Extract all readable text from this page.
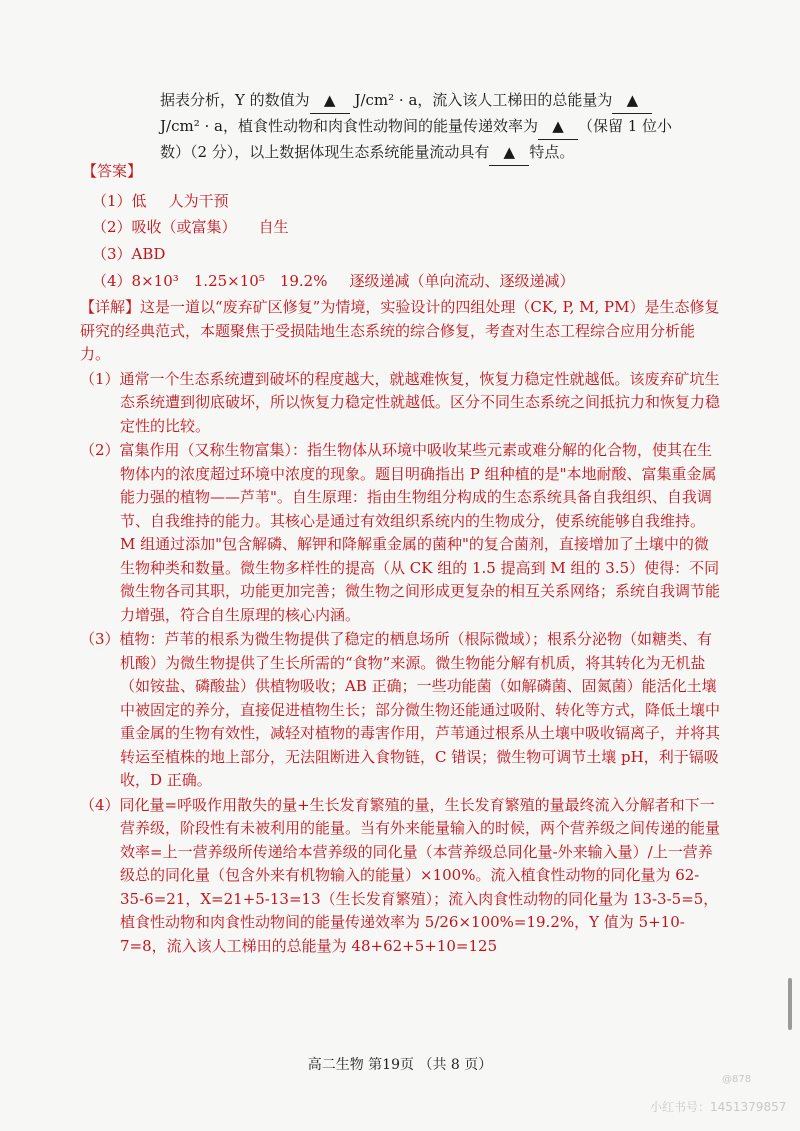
据表分析，Y 的数值为 ▲ J/cm² · a，流入该人工梯田的总能量为 ▲
J/cm² · a，植食性动物和肉食性动物间的能量传递效率为 ▲ （保留 1 位小
数）（2 分），以上数据体现生态系统能量流动具有 ▲ 特点。
【答案】
（1）低 人为干预
（2）吸收（或富集） 自生
（3）ABD
（4）8×10³　1.25×10⁵　19.2% 逐级递减（单向流动、逐级递减）

【详解】这是一道以“废弃矿区修复”为情境，实验设计的四组处理（CK, P, M, PM）是生态修复研究的经典范式，本题聚焦于受损陆地生态系统的综合修复，考查对生态工程综合应用分析能力。

（1）通常一个生态系统遭到破坏的程度越大，就越难恢复，恢复力稳定性就越低。该废弃矿坑生态系统遭到彻底破坏，所以恢复力稳定性就越低。区分不同生态系统之间抵抗力和恢复力稳定性的比较。

（2）富集作用（又称生物富集）：指生物体从环境中吸收某些元素或难分解的化合物，使其在生物体内的浓度超过环境中浓度的现象。题目明确指出 P 组种植的是"本地耐酸、富集重金属能力强的植物——芦苇"。自生原理：指由生物组分构成的生态系统具备自我组织、自我调节、自我维持的能力。其核心是通过有效组织系统内的生物成分，使系统能够自我维持。M 组通过添加"包含解磷、解钾和降解重金属的菌种"的复合菌剂，直接增加了土壤中的微生物种类和数量。微生物多样性的提高（从 CK 组的 1.5 提高到 M 组的 3.5）使得：不同微生物各司其职，功能更加完善；微生物之间形成更复杂的相互关系网络；系统自我调节能力增强，符合自生原理的核心内涵。

（3）植物：芦苇的根系为微生物提供了稳定的栖息场所（根际微域）；根系分泌物（如糖类、有机酸）为微生物提供了生长所需的“食物”来源。微生物能分解有机质，将其转化为无机盐（如铵盐、磷酸盐）供植物吸收；AB 正确；一些功能菌（如解磷菌、固氮菌）能活化土壤中被固定的养分，直接促进植物生长；部分微生物还能通过吸附、转化等方式，降低土壤中重金属的生物有效性，减轻对植物的毒害作用，芦苇通过根系从土壤中吸收镉离子，并将其转运至植株的地上部分，无法阻断进入食物链，C 错误；微生物可调节土壤 pH，利于镉吸收，D 正确。

（4）同化量=呼吸作用散失的量+生长发育繁殖的量，生长发育繁殖的量最终流入分解者和下一营养级，阶段性有未被利用的能量。当有外来能量输入的时候，两个营养级之间传递的能量效率=上一营养级所传递给本营养级的同化量（本营养级总同化量-外来输入量）/上一营养级总的同化量（包含外来有机物输入的能量）×100%。流入植食性动物的同化量为 62-35-6=21，X=21+5-13=13（生长发育繁殖）；流入肉食性动物的同化量为 13-3-5=5，植食性动物和肉食性动物间的能量传递效率为 5/26×100%=19.2%，Y 值为 5+10-7=8，流入该人工梯田的总能量为 48+62+5+10=125

高二生物 第19页 （共 8 页）
@878
小红书号：1451379857
